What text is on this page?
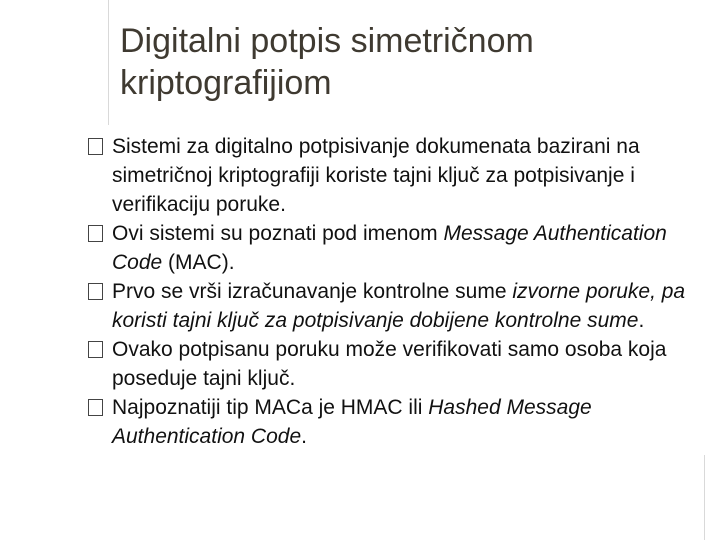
Digitalni potpis simetričnom kriptografijiom

Sistemi za digitalno potpisivanje dokumenata bazirani na simetričnoj kriptografiji koriste tajni ključ za potpisivanje i verifikaciju poruke.

Ovi sistemi su poznati pod imenom Message Authentication Code (MAC).

Prvo se vrši izračunavanje kontrolne sume izvorne poruke, pa koristi tajni ključ za potpisivanje dobijene kontrolne sume.

Ovako potpisanu poruku može verifikovati samo osoba koja poseduje tajni ključ.

Najpoznatiji tip MACa je HMAC ili Hashed Message Authentication Code.
